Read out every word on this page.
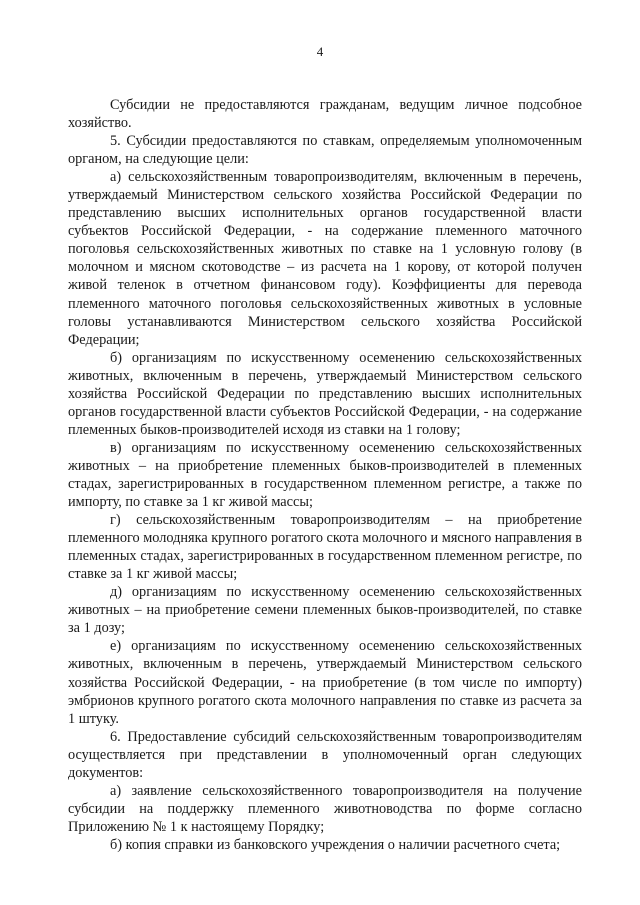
4

Субсидии не предоставляются гражданам, ведущим личное подсобное хозяйство.

5. Субсидии предоставляются по ставкам, определяемым уполномоченным органом, на следующие цели:

а) сельскохозяйственным товаропроизводителям, включенным в перечень, утверждаемый Министерством сельского хозяйства Российской Федерации по представлению высших исполнительных органов государственной власти субъектов Российской Федерации, - на содержание племенного маточного поголовья сельскохозяйственных животных по ставке на 1 условную голову (в молочном и мясном скотоводстве – из расчета на 1 корову, от которой получен живой теленок в отчетном финансовом году). Коэффициенты для перевода племенного маточного поголовья сельскохозяйственных животных в условные головы устанавливаются Министерством сельского хозяйства Российской Федерации;

б) организациям по искусственному осеменению сельскохозяйственных животных, включенным в перечень, утверждаемый Министерством сельского хозяйства Российской Федерации по представлению высших исполнительных органов государственной власти субъектов Российской Федерации, - на содержание племенных быков-производителей исходя из ставки на 1 голову;

в) организациям по искусственному осеменению сельскохозяйственных животных – на приобретение племенных быков-производителей в племенных стадах, зарегистрированных в государственном племенном регистре, а также по импорту, по ставке за 1 кг живой массы;

г) сельскохозяйственным товаропроизводителям – на приобретение племенного молодняка крупного рогатого скота молочного и мясного направления в племенных стадах, зарегистрированных в государственном племенном регистре, по ставке за 1 кг живой массы;

д) организациям по искусственному осеменению сельскохозяйственных животных – на приобретение семени племенных быков-производителей, по ставке за 1 дозу;

е) организациям по искусственному осеменению сельскохозяйственных животных, включенным в перечень, утверждаемый Министерством сельского хозяйства Российской Федерации, - на приобретение (в том числе по импорту) эмбрионов крупного рогатого скота молочного направления по ставке из расчета за 1 штуку.

6. Предоставление субсидий сельскохозяйственным товаропроизводителям осуществляется при представлении в уполномоченный орган следующих документов:

а) заявление сельскохозяйственного товаропроизводителя на получение субсидии на поддержку племенного животноводства по форме согласно Приложению № 1 к настоящему Порядку;

б) копия справки из банковского учреждения о наличии расчетного счета;
